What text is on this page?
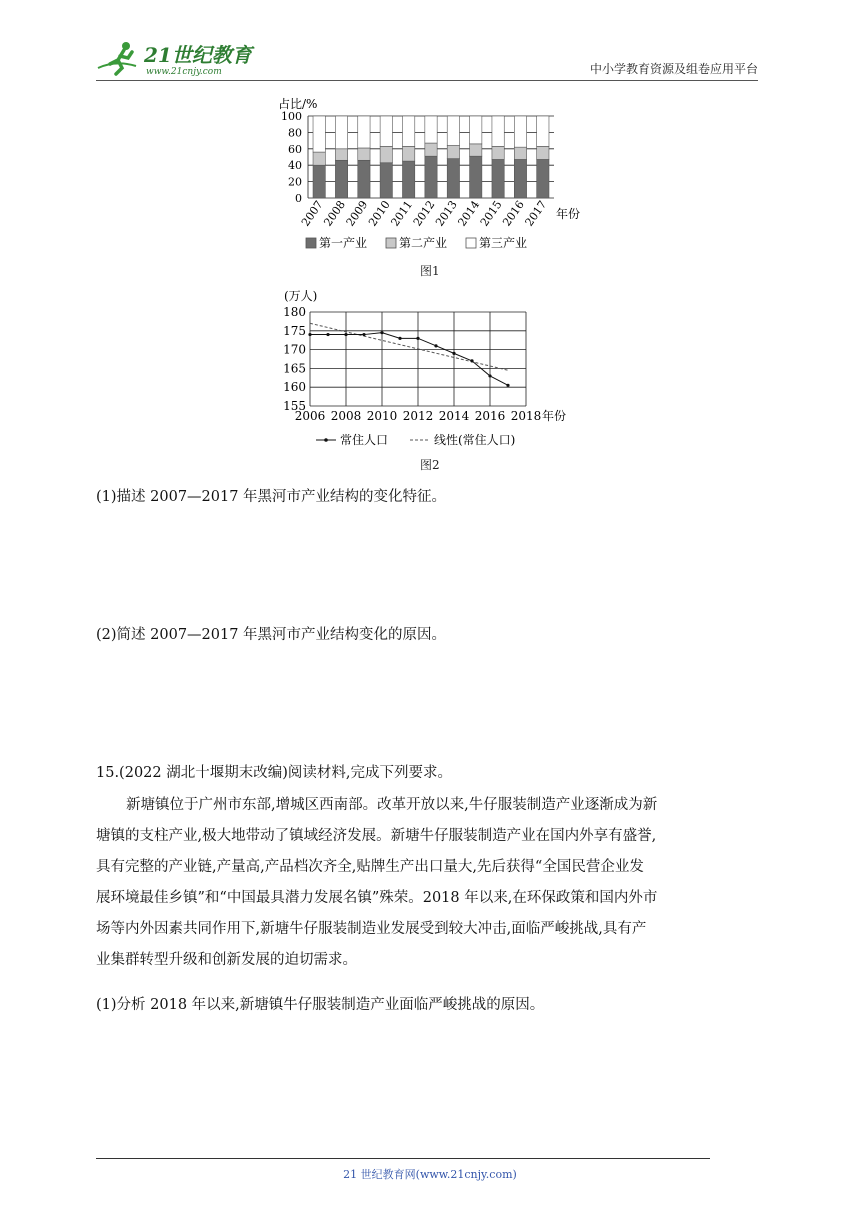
21世纪教育
www.21cnjy.com	中小学教育资源及组卷应用平台
占比/%
100
80
60
40
20
0
2007
2008
2009
2010
2011
2012
2013
2014
2015
2016
2017 年份
第一产业	第二产业	第三产业
图1
(万人)
180
175
170
165
160
155
2006 2008 2010 2012 2014 2016 2018 年份
常住人口	线性(常住人口)
图2
(1)描述 2007—2017 年黑河市产业结构的变化特征。
(2)简述 2007—2017 年黑河市产业结构变化的原因。
15.(2022 湖北十堰期末改编)阅读材料,完成下列要求。
新塘镇位于广州市东部,增城区西南部。改革开放以来,牛仔服装制造产业逐渐成为新
塘镇的支柱产业,极大地带动了镇域经济发展。新塘牛仔服装制造产业在国内外享有盛誉,
具有完整的产业链,产量高,产品档次齐全,贴牌生产出口量大,先后获得“全国民营企业发
展环境最佳乡镇”和“中国最具潜力发展名镇”殊荣。2018 年以来,在环保政策和国内外市
场等内外因素共同作用下,新塘牛仔服装制造业发展受到较大冲击,面临严峻挑战,具有产
业集群转型升级和创新发展的迫切需求。
(1)分析 2018 年以来,新塘镇牛仔服装制造产业面临严峻挑战的原因。
21 世纪教育网(www.21cnjy.com)
